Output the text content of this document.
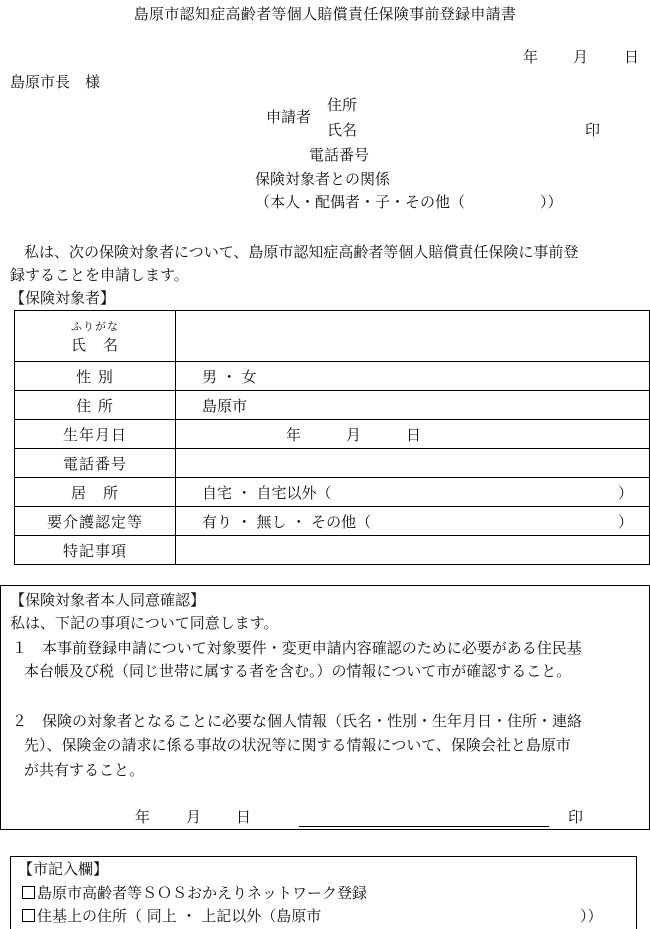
島原市認知症高齢者等個人賠償責任保険事前登録申請書
年 月 日
島原市長　様
申請者
住所
氏名	印
電話番号
保険対象者との関係
（本人・配偶者・子・その他（　　　　　））
私は、次の保険対象者について、島原市認知症高齢者等個人賠償責任保険に事前登
録することを申請します。
【保険対象者】
ふりがな
氏　名	
性 別	男 ・ 女

住 所	島原市

生年月日	年　　　月　　　日

電話番号	
居　所	自宅 ・ 自宅以外（ ）

要介護認定等	有り ・ 無し ・ その他（ ）

特記事項	
【保険対象者本人同意確認】
私は、下記の事項について同意します。
１　本事前登録申請について対象要件・変更申請内容確認のために必要がある住民基
本台帳及び税（同じ世帯に属する者を含む。）の情報について市が確認すること。
２　保険の対象者となることに必要な個人情報（氏名・性別・生年月日・住所・連絡
先）、保険金の請求に係る事故の状況等に関する情報について、保険会社と島原市
が共有すること。
年 月 日	印
【市記入欄】
島原市高齢者等ＳＯＳおかえりネットワーク登録
住基上の住所（ 同上 ・ 上記以外（島原市	））
